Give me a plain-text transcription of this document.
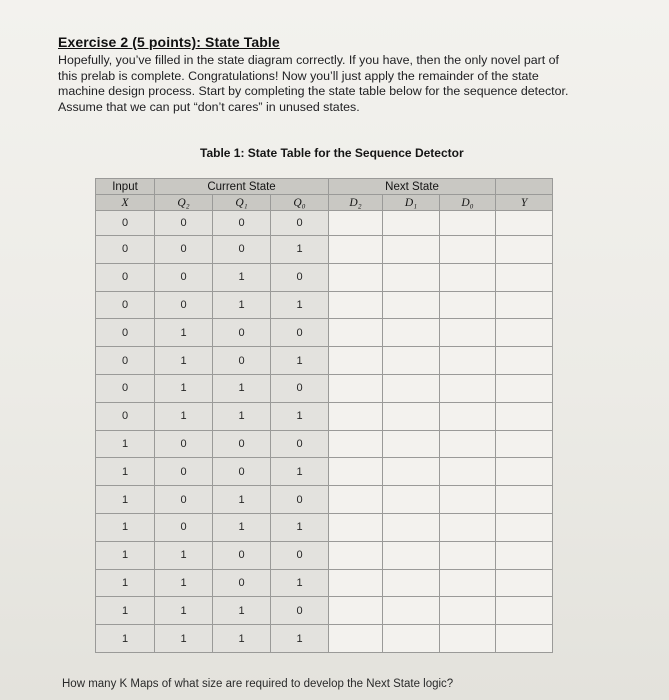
Exercise 2 (5 points): State Table

Hopefully, you’ve filled in the state diagram correctly. If you have, then the only novel part of

this prelab is complete. Congratulations! Now you’ll just apply the remainder of the state

machine design process. Start by completing the state table below for the sequence detector.

Assume that we can put “don’t cares” in unused states.

Table 1: State Table for the Sequence Detector
Input	Current State			Next State			
X	Q₂	Q₁	Q₀	D₂	D₁	D₀	Y
0	0	0	0				
0	0	0	1				
0	0	1	0				
0	0	1	1				
0	1	0	0				
0	1	0	1				
0	1	1	0				
0	1	1	1				
1	0	0	0				
1	0	0	1				
1	0	1	0				
1	0	1	1				
1	1	0	0				
1	1	0	1				
1	1	1	0				
1	1	1	1				
How many K Maps of what size are required to develop the Next State logic?
